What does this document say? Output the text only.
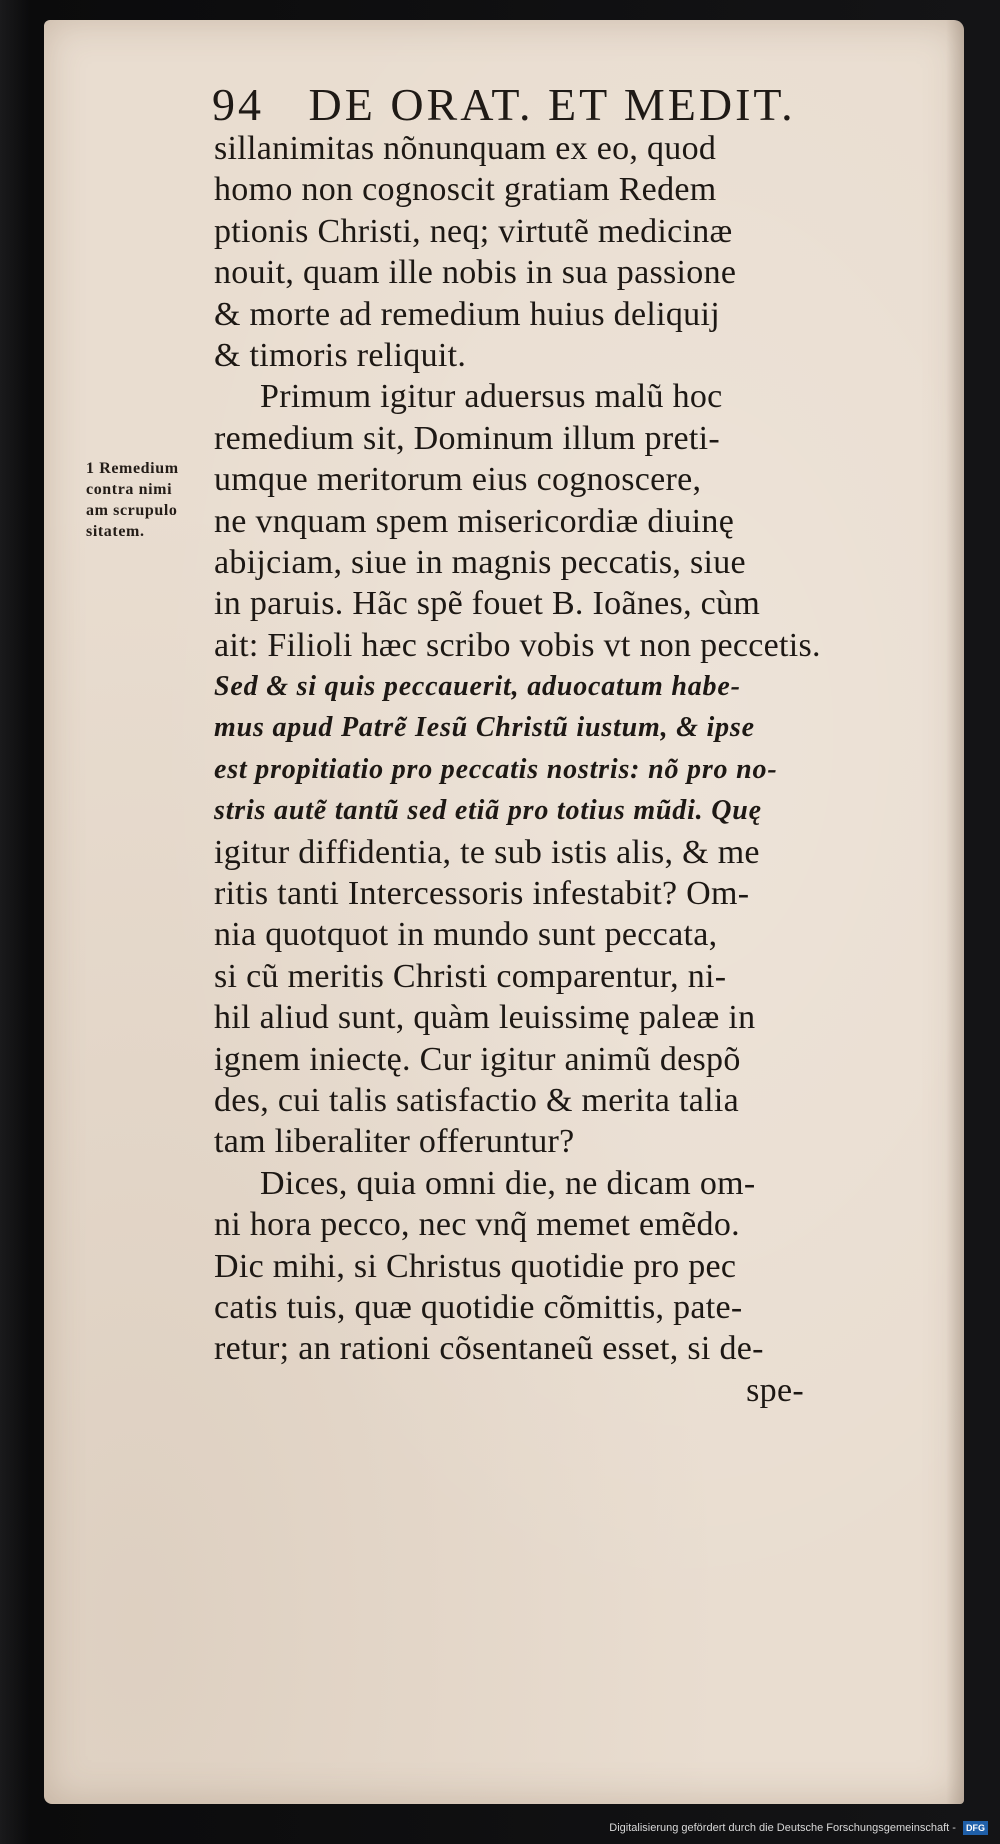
94 DE ORAT. ET MEDIT.
1 Remedium
contra nimi
am scrupulo
sitatem.
sillanimitas nõnunquam ex eo, quod
homo non cognoscit gratiam Redem
ptionis Christi, neq; virtutẽ medicinæ
nouit, quam ille nobis in sua passione
& morte ad remedium huius deliquij
& timoris reliquit.
Primum igitur aduersus malũ hoc
remedium sit, Dominum illum preti-
umque meritorum eius cognoscere,
ne vnquam spem misericordiæ diuinę
abijciam, siue in magnis peccatis, siue
in paruis. Hãc spẽ fouet B. Ioãnes, cùm
ait: Filioli hæc scribo vobis vt non peccetis.
Sed & si quis peccauerit, aduocatum habe-
mus apud Patrẽ Iesũ Christũ iustum, & ipse
est propitiatio pro peccatis nostris: nõ pro no-
stris autẽ tantũ sed etiã pro totius mũdi. Quę
igitur diffidentia, te sub istis alis, & me
ritis tanti Intercessoris infestabit? Om-
nia quotquot in mundo sunt peccata,
si cũ meritis Christi comparentur, ni-
hil aliud sunt, quàm leuissimę paleæ in
ignem iniectę. Cur igitur animũ despõ
des, cui talis satisfactio & merita talia
tam liberaliter offeruntur?
Dices, quia omni die, ne dicam om-
ni hora pecco, nec vnq̃ memet emẽdo.
Dic mihi, si Christus quotidie pro pec
catis tuis, quæ quotidie cõmittis, pate-
retur; an rationi cõsentaneũ esset, si de-
spe-
Digitalisierung gefördert durch die Deutsche Forschungsgemeinschaft - DFG
